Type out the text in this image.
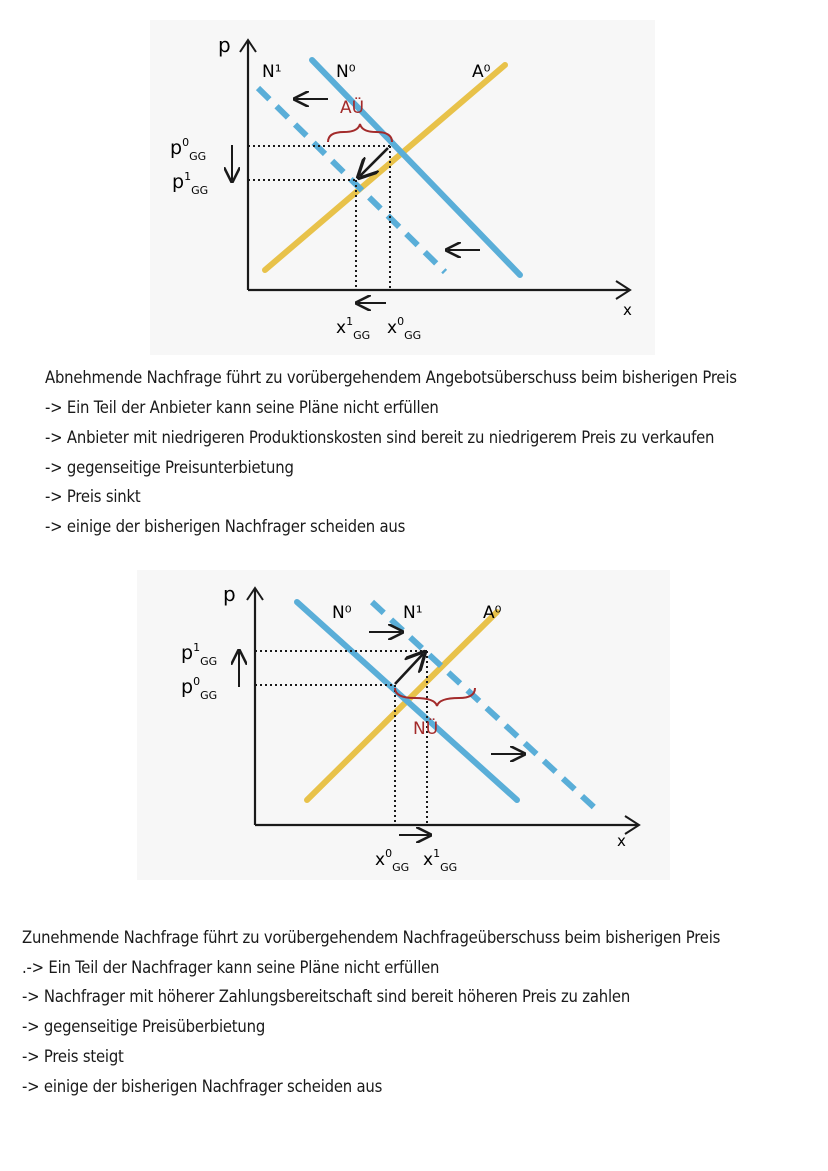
p
x
AÜ
N¹	N⁰	A⁰
$p^0_{GG}$
$p^1_{GG}$
$x^1_{GG}$ $x^0_{GG}$
Abnehmende Nachfrage führt zu vorübergehendem Angebotsüberschuss beim bisherigen Preis
-> Ein Teil der Anbieter kann seine Pläne nicht erfüllen
-> Anbieter mit niedrigeren Produktionskosten sind bereit zu niedrigerem Preis zu verkaufen
-> gegenseitige Preisunterbietung
-> Preis sinkt
-> einige der bisherigen Nachfrager scheiden aus
p
x
NÜ
N⁰	N¹	A⁰
$p^1_{GG}$
$p^0_{GG}$
$x^0_{GG}$ $x^1_{GG}$
Zunehmende Nachfrage führt zu vorübergehendem Nachfrageüberschuss beim bisherigen Preis
.-> Ein Teil der Nachfrager kann seine Pläne nicht erfüllen
-> Nachfrager mit höherer Zahlungsbereitschaft sind bereit höheren Preis zu zahlen
-> gegenseitige Preisüberbietung
-> Preis steigt
-> einige der bisherigen Nachfrager scheiden aus
